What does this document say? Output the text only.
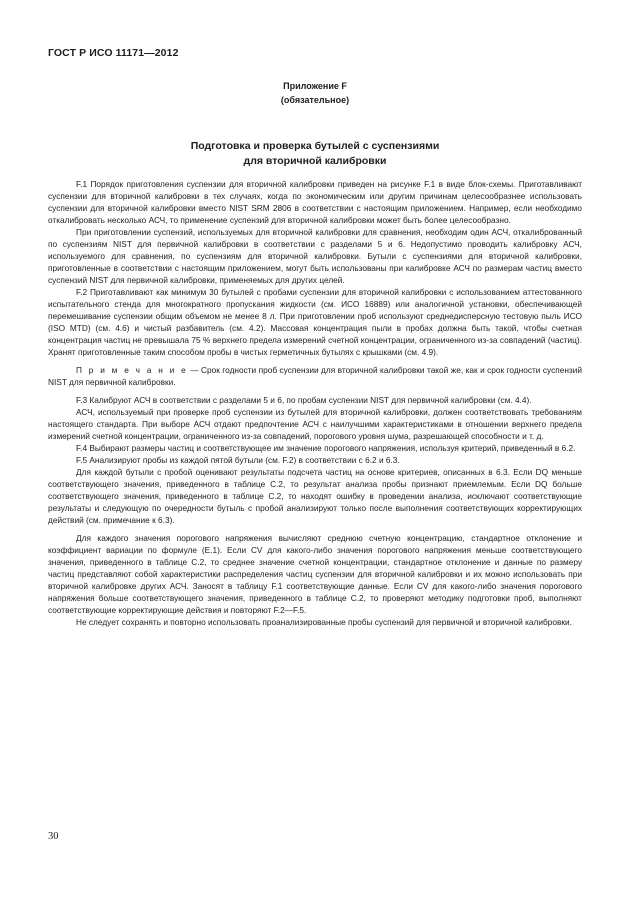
ГОСТ Р ИСО 11171—2012
Приложение F
(обязательное)
Подготовка и проверка бутылей с суспензиями
для вторичной калибровки

F.1 Порядок приготовления суспензии для вторичной калибровки приведен на рисунке F.1 в виде блок-схемы. Приготавливают суспензии для вторичной калибровки в тех случаях, когда по экономическим или другим причинам целесообразнее использовать суспензии для вторичной калибровки вместо NIST SRM 2806 в соответствии с настоящим приложением. Например, если необходимо откалибровать несколько АСЧ, то применение суспензий для вторичной калибровки может быть более целесообразно.

При приготовлении суспензий, используемых для вторичной калибровки для сравнения, необходим один АСЧ, откалиброванный по суспензиям NIST для первичной калибровки в соответствии с разделами 5 и 6. Недопустимо проводить калибровку АСЧ, используемого для сравнения, по суспензиям для вторичной калибровки. Бутыли с суспензиями для вторичной калибровки, приготовленные в соответствии с настоящим приложением, могут быть использованы при калибровке АСЧ по размерам частиц вместо суспензий NIST для первичной калибровки, применяемых для других целей.

F.2 Приготавливают как минимум 30 бутылей с пробами суспензии для вторичной калибровки с использованием аттестованного испытательного стенда для многократного пропускания жидкости (см. ИСО 16889) или аналогичной установки, обеспечивающей перемешивание суспензии общим объемом не менее 8 л. При приготовлении проб используют среднедисперсную тестовую пыль ИСО (ISO MTD) (см. 4.6) и чистый разбавитель (см. 4.2). Массовая концентрация пыли в пробах должна быть такой, чтобы счетная концентрация частиц не превышала 75 % верхнего предела измерений счетной концентрации, ограниченного из-за совпадений (частиц). Хранят приготовленные таким способом пробы в чистых герметичных бутылях с крышками (см. 4.9).

П р и м е ч а н и е — Срок годности проб суспензии для вторичной калибровки такой же, как и срок годности суспензий NIST для первичной калибровки.

F.3 Калибруют АСЧ в соответствии с разделами 5 и 6, по пробам суспензии NIST для первичной калибровки (см. 4.4).

АСЧ, используемый при проверке проб суспензии из бутылей для вторичной калибровки, должен соответствовать требованиям настоящего стандарта. При выборе АСЧ отдают предпочтение АСЧ с наилучшими характеристиками в отношении верхнего предела измерений счетной концентрации, ограниченного из-за совпадений, порогового уровня шума, разрешающей способности и т. д.

F.4 Выбирают размеры частиц и соответствующее им значение порогового напряжения, используя критерий, приведенный в 6.2.

F.5 Анализируют пробы из каждой пятой бутыли (см. F.2) в соответствии с 6.2 и 6.3.

Для каждой бутыли с пробой оценивают результаты подсчета частиц на основе критериев, описанных в 6.3. Если DQ меньше соответствующего значения, приведенного в таблице С.2, то результат анализа пробы признают приемлемым. Если DQ больше соответствующего значения, приведенного в таблице С.2, то находят ошибку в проведении анализа, исключают соответствующие результаты и следующую по очередности бутыль с пробой анализируют только после выполнения соответствующих корректирующих действий (см. примечание к 6.3).

Для каждого значения порогового напряжения вычисляют среднюю счетную концентрацию, стандартное отклонение и коэффициент вариации по формуле (Е.1). Если CV для какого-либо значения порогового напряжения меньше соответствующего значения, приведенного в таблице С.2, то среднее значение счетной концентрации, стандартное отклонение и данные по размеру частиц представляют собой характеристики распределения частиц суспензии для вторичной калибровки и их можно использовать при вторичной калибровке других АСЧ. Заносят в таблицу F.1 соответствующие данные. Если CV для какого-либо значения порогового напряжения больше соответствующего значения, приведенного в таблице С.2, то проверяют методику подготовки проб, выполняют соответствующие корректирующие действия и повторяют F.2—F.5.

Не следует сохранять и повторно использовать проанализированные пробы суспензий для первичной и вторичной калибровки.

30
